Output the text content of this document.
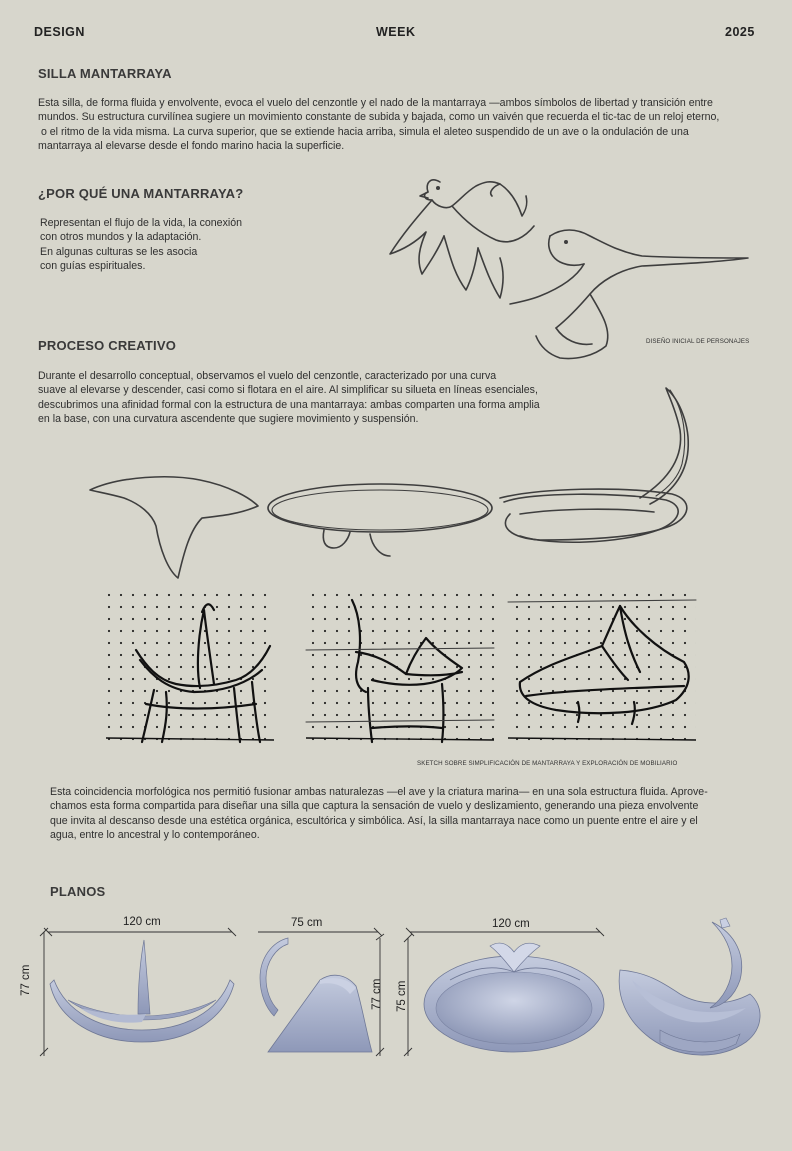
DESIGN	WEEK	2025
SILLA MANTARRAYA
Esta silla, de forma fluida y envolvente, evoca el vuelo del cenzontle y el nado de la mantarraya —ambos símbolos de libertad y transición entre
mundos. Su estructura curvilínea sugiere un movimiento constante de subida y bajada, como un vaivén que recuerda el tic-tac de un reloj eterno,
o el ritmo de la vida misma. La curva superior, que se extiende hacia arriba, simula el aleteo suspendido de un ave o la ondulación de una
mantarraya al elevarse desde el fondo marino hacia la superficie.
¿POR QUÉ UNA MANTARRAYA?
Representan el flujo de la vida, la conexión
con otros mundos y la adaptación.
En algunas culturas se les asocia
con guías espirituales.
DISEÑO INICIAL DE PERSONAJES
PROCESO CREATIVO
Durante el desarrollo conceptual, observamos el vuelo del cenzontle, caracterizado por una curva
suave al elevarse y descender, casi como si flotara en el aire. Al simplificar su silueta en líneas esenciales,
descubrimos una afinidad formal con la estructura de una mantarraya: ambas comparten una forma amplia
en la base, con una curvatura ascendente que sugiere movimiento y suspensión.
SKETCH SOBRE SIMPLIFICACIÓN DE MANTARRAYA Y EXPLORACIÓN DE MOBILIARIO
Esta coincidencia morfológica nos permitió fusionar ambas naturalezas —el ave y la criatura marina— en una sola estructura fluida. Aprove-
chamos esta forma compartida para diseñar una silla que captura la sensación de vuelo y deslizamiento, generando una pieza envolvente
que invita al descanso desde una estética orgánica, escultórica y simbólica. Así, la silla mantarraya nace como un puente entre el aire y el
agua, entre lo ancestral y lo contemporáneo.
PLANOS
120 cm
77 cm
75 cm
77 cm
120 cm
75 cm
